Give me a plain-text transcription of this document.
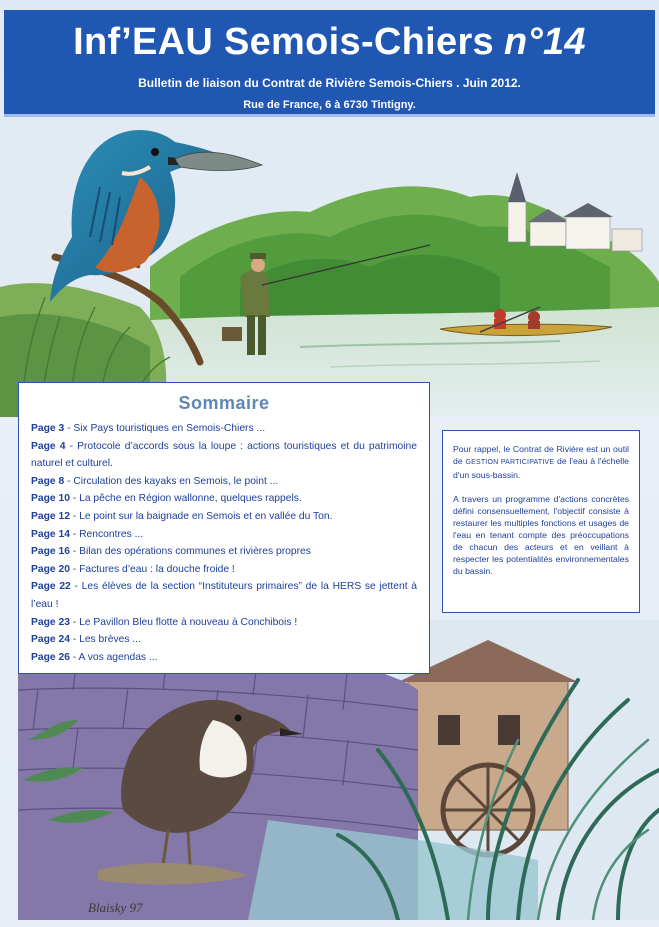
Inf’EAU Semois-Chiers n°14
Bulletin de liaison du Contrat de Rivière Semois-Chiers . Juin 2012.
Rue de France, 6 à 6730 Tintigny.
Blaisky 97
Sommaire
Page 3 - Six Pays touristiques en Semois-Chiers ...
Page 4 - Protocole d’accords sous la loupe : actions touristiques et du patrimoine naturel et culturel.
Page 8 - Circulation des kayaks en Semois, le point ...
Page 10 - La pêche en Région wallonne, quelques rappels.
Page 12 - Le point sur la baignade en Semois et en vallée du Ton.
Page 14 - Rencontres ...
Page 16 - Bilan des opérations communes et rivières propres
Page 20 - Factures d’eau : la douche froide !
Page 22 - Les élèves de la section “Instituteurs primaires” de la HERS se jettent à l’eau !
Page 23 - Le Pavillon Bleu flotte à nouveau à Conchibois !
Page 24 - Les brèves ...
Page 26 - A vos agendas ...

Pour rappel, le Contrat de Rivière est un outil de GESTION PARTICIPATIVE de l'eau à l'échelle d'un sous-bassin.

A travers un programme d'actions concrètes défini consensuellement, l'objectif consiste à restaurer les multiples fonctions et usages de l'eau en tenant compte des préoccupations de chacun des acteurs et en veillant à respecter les potentialités environnementales du bassin.
